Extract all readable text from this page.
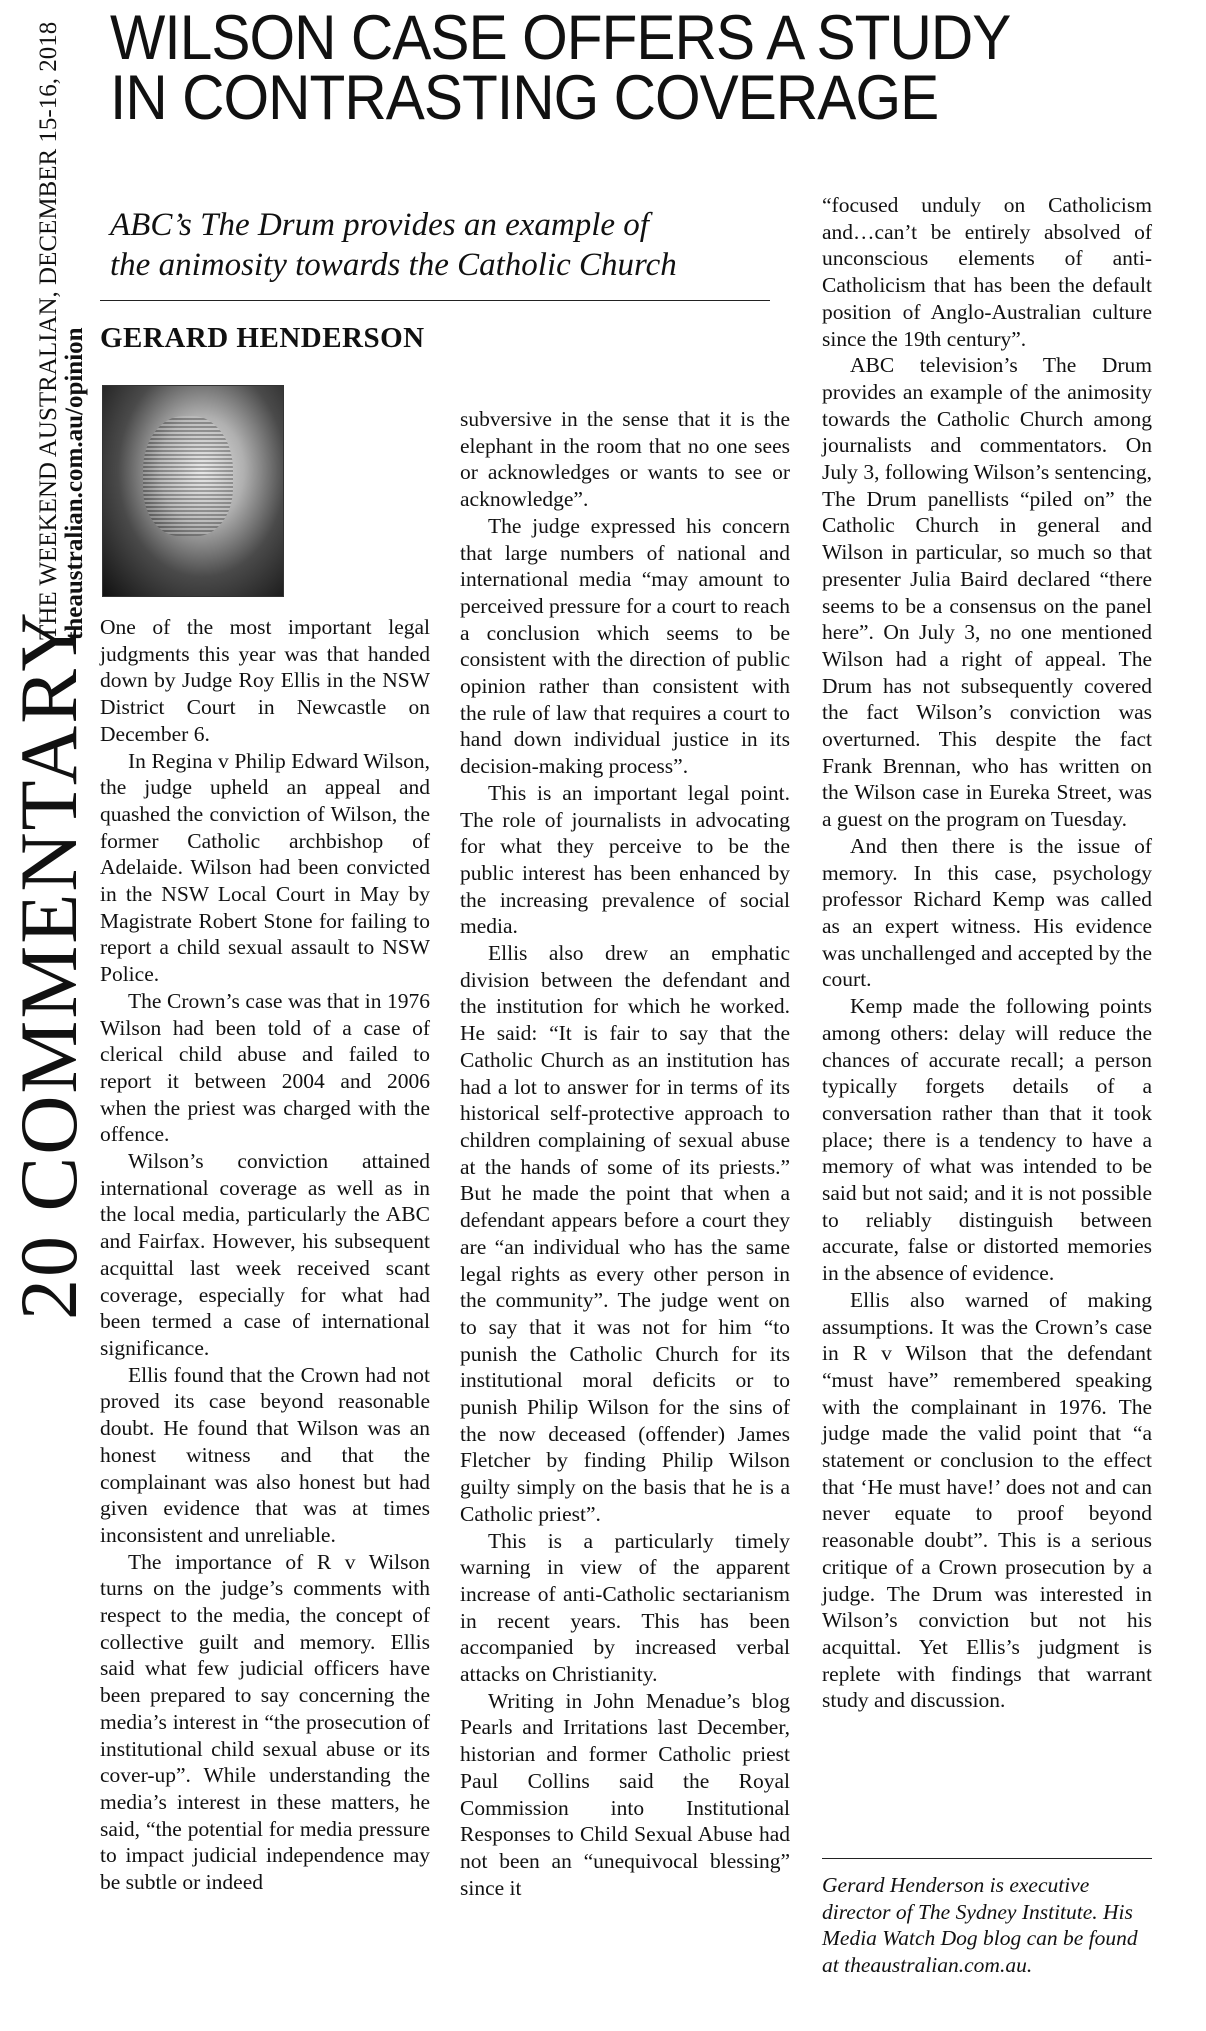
20 COMMENTARY
THE WEEKEND AUSTRALIAN, DECEMBER 15-16, 2018 theaustralian.com.au/opinion
WILSON CASE OFFERS A STUDY
IN CONTRASTING COVERAGE
ABC’s The Drum provides an example of
the animosity towards the Catholic Church
GERARD HENDERSON

One of the most important legal judgments this year was that handed down by Judge Roy Ellis in the NSW District Court in Newcastle on December 6.

In Regina v Philip Edward Wilson, the judge upheld an appeal and quashed the conviction of Wilson, the former Catholic archbishop of Adelaide. Wilson had been convicted in the NSW Local Court in May by Magistrate Robert Stone for failing to report a child sexual assault to NSW Police.

The Crown’s case was that in 1976 Wilson had been told of a case of clerical child abuse and failed to report it between 2004 and 2006 when the priest was charged with the offence.

Wilson’s conviction attained international coverage as well as in the local media, particularly the ABC and Fairfax. However, his subsequent acquittal last week received scant coverage, especially for what had been termed a case of international significance.

Ellis found that the Crown had not proved its case beyond reasonable doubt. He found that Wilson was an honest witness and that the complainant was also honest but had given evidence that was at times inconsistent and unreliable.

The importance of R v Wilson turns on the judge’s comments with respect to the media, the concept of collective guilt and memory. Ellis said what few judicial officers have been prepared to say concerning the media’s interest in “the prosecution of institutional child sexual abuse or its cover-up”. While understanding the media’s interest in these matters, he said, “the potential for media pressure to impact judicial independence may be subtle or indeed

subversive in the sense that it is the elephant in the room that no one sees or acknowledges or wants to see or acknowledge”.

The judge expressed his concern that large numbers of national and international media “may amount to perceived pressure for a court to reach a conclusion which seems to be consistent with the direction of public opinion rather than consistent with the rule of law that requires a court to hand down individual justice in its decision-making process”.

This is an important legal point. The role of journalists in advocating for what they perceive to be the public interest has been enhanced by the increasing prevalence of social media.

Ellis also drew an emphatic division between the defendant and the institution for which he worked. He said: “It is fair to say that the Catholic Church as an institution has had a lot to answer for in terms of its historical self-protective approach to children complaining of sexual abuse at the hands of some of its priests.” But he made the point that when a defendant appears before a court they are “an individual who has the same legal rights as every other person in the community”. The judge went on to say that it was not for him “to punish the Catholic Church for its institutional moral deficits or to punish Philip Wilson for the sins of the now deceased (offender) James Fletcher by finding Philip Wilson guilty simply on the basis that he is a Catholic priest”.

This is a particularly timely warning in view of the apparent increase of anti-Catholic sectarianism in recent years. This has been accompanied by increased verbal attacks on Christianity.

Writing in John Menadue’s blog Pearls and Irritations last December, historian and former Catholic priest Paul Collins said the Royal Commission into Institutional Responses to Child Sexual Abuse had not been an “unequivocal blessing” since it

“focused unduly on Catholicism and…can’t be entirely absolved of unconscious elements of anti-Catholicism that has been the default position of Anglo-Australian culture since the 19th century”.

ABC television’s The Drum provides an example of the animosity towards the Catholic Church among journalists and commentators. On July 3, following Wilson’s sentencing, The Drum panellists “piled on” the Catholic Church in general and Wilson in particular, so much so that presenter Julia Baird declared “there seems to be a consensus on the panel here”. On July 3, no one mentioned Wilson had a right of appeal. The Drum has not subsequently covered the fact Wilson’s conviction was overturned. This despite the fact Frank Brennan, who has written on the Wilson case in Eureka Street, was a guest on the program on Tuesday.

And then there is the issue of memory. In this case, psychology professor Richard Kemp was called as an expert witness. His evidence was unchallenged and accepted by the court.

Kemp made the following points among others: delay will reduce the chances of accurate recall; a person typically forgets details of a conversation rather than that it took place; there is a tendency to have a memory of what was intended to be said but not said; and it is not possible to reliably distinguish between accurate, false or distorted memories in the absence of evidence.

Ellis also warned of making assumptions. It was the Crown’s case in R v Wilson that the defendant “must have” remembered speaking with the complainant in 1976. The judge made the valid point that “a statement or conclusion to the effect that ‘He must have!’ does not and can never equate to proof beyond reasonable doubt”. This is a serious critique of a Crown prosecution by a judge. The Drum was interested in Wilson’s conviction but not his acquittal. Yet Ellis’s judgment is replete with findings that warrant study and discussion.

Gerard Henderson is executive director of The Sydney Institute. His Media Watch Dog blog can be found at theaustralian.com.au.
